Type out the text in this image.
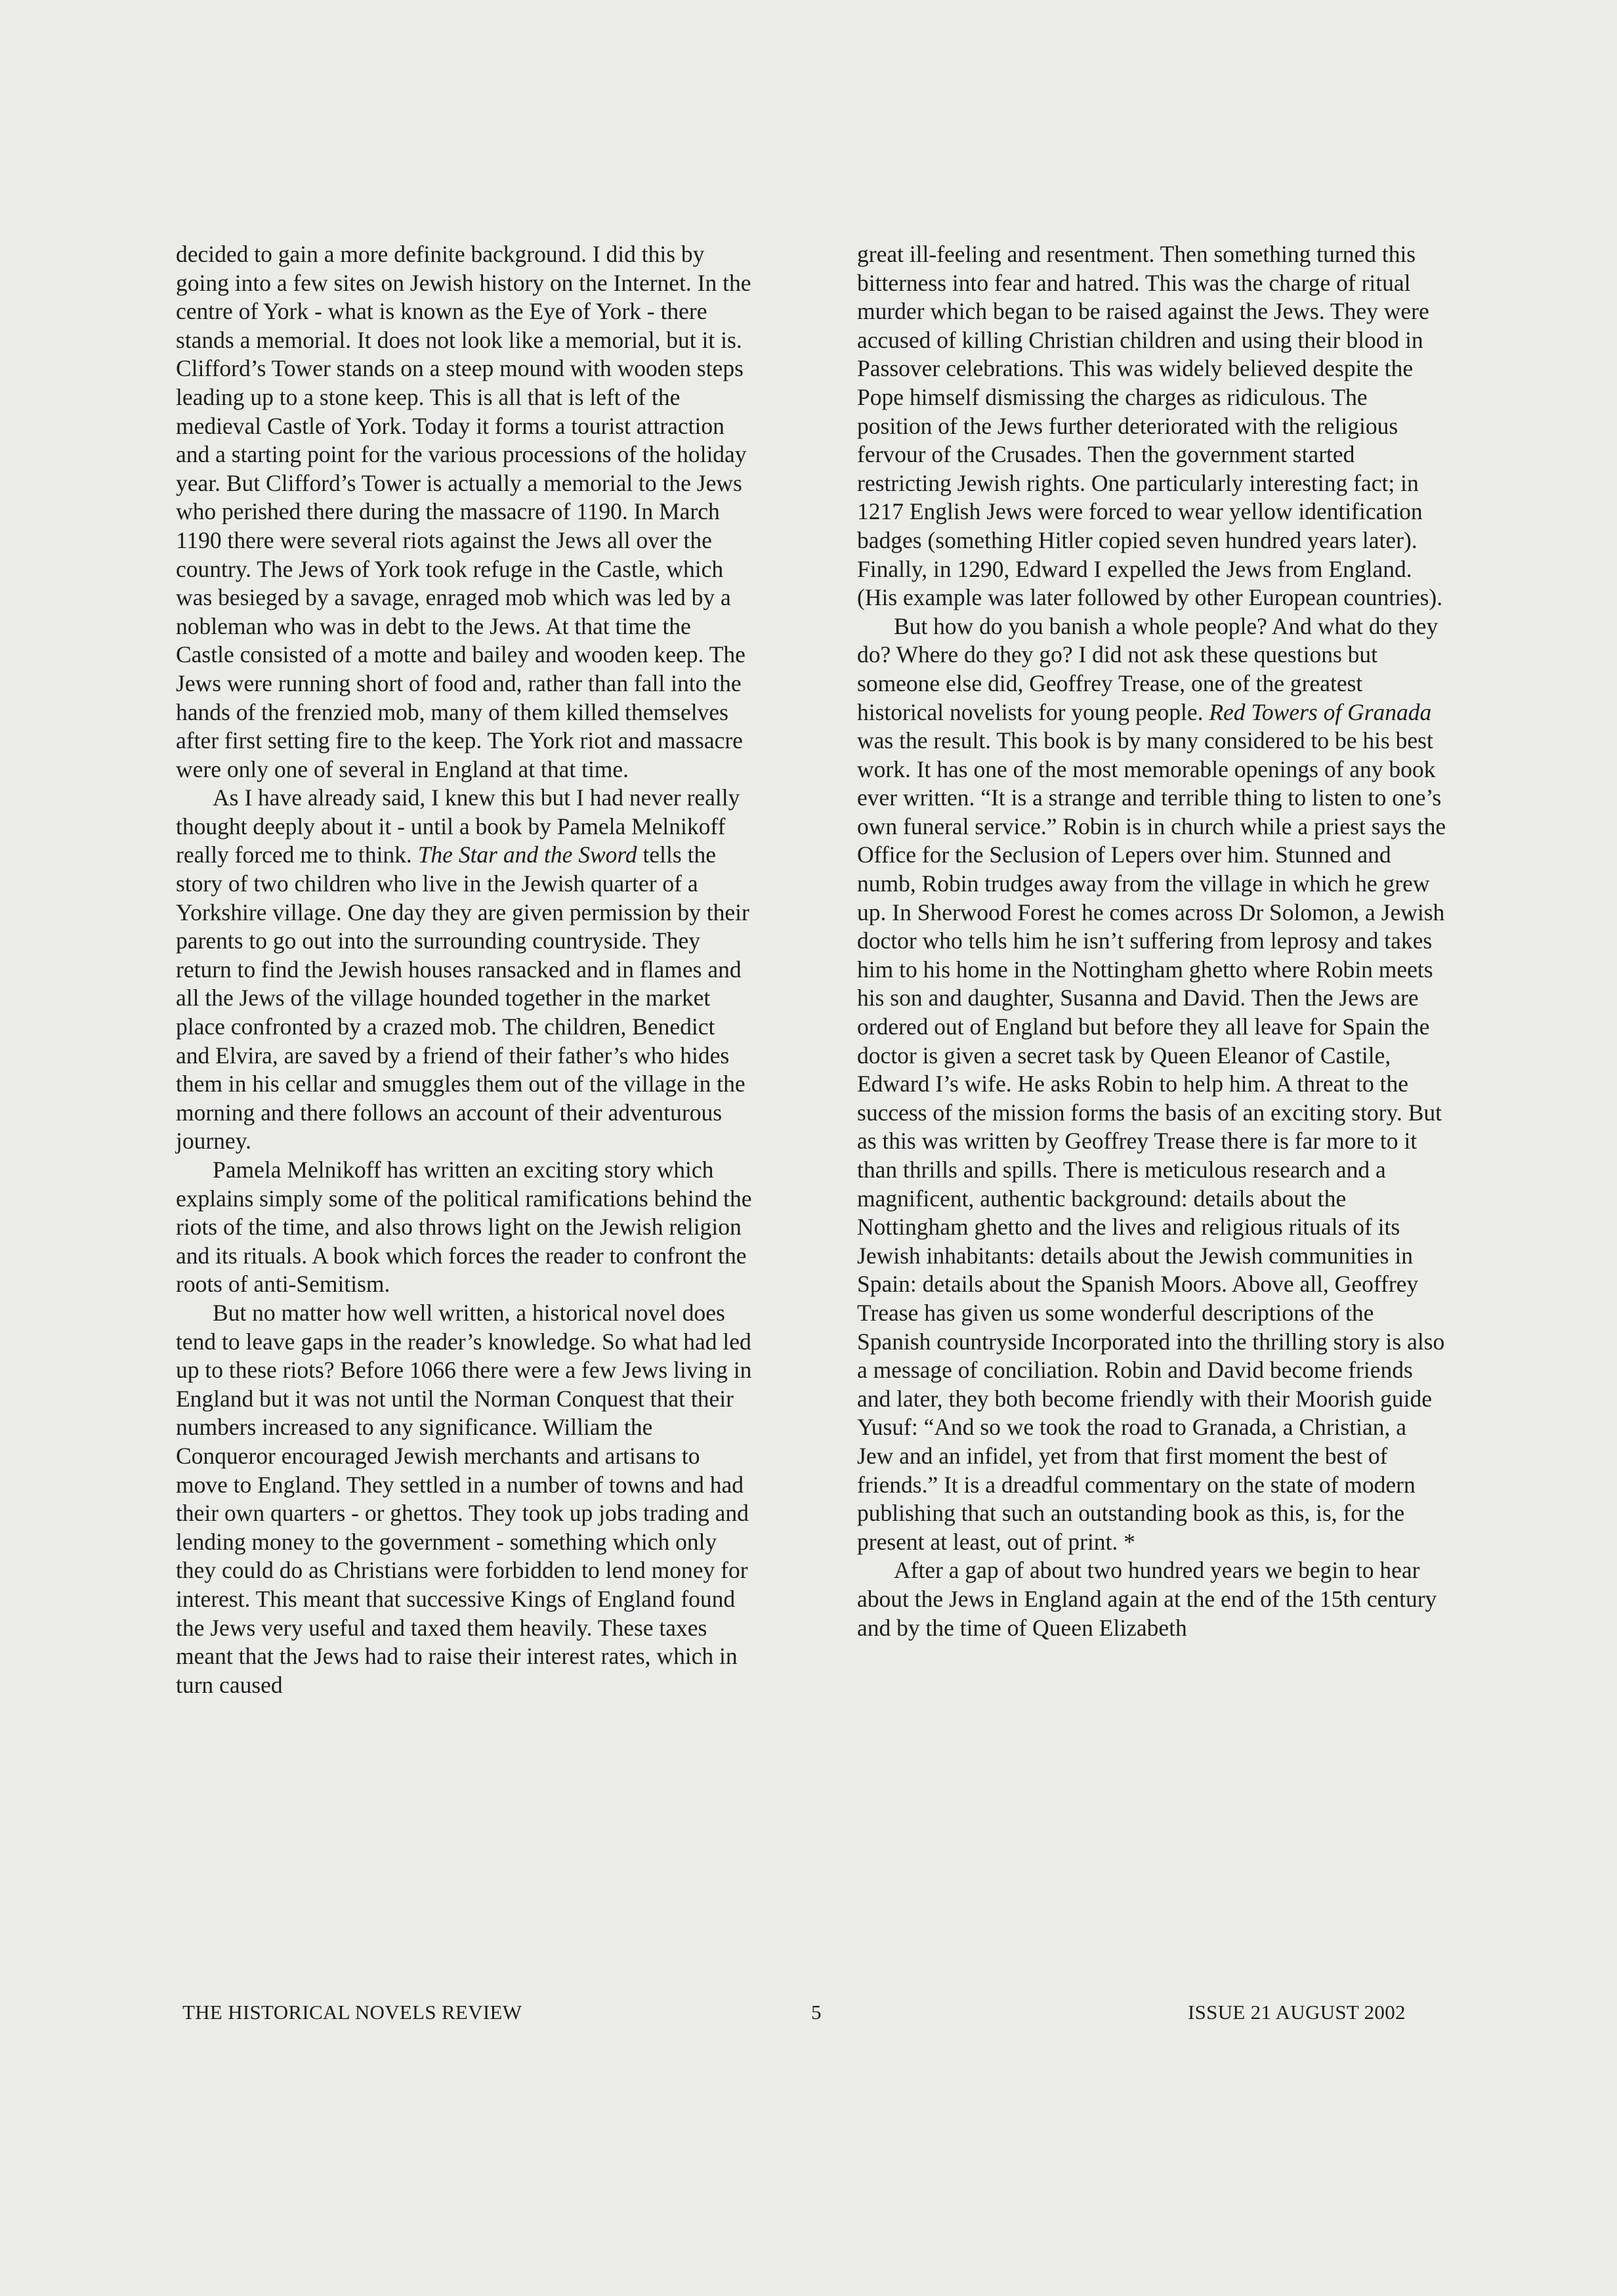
decided to gain a more definite background. I did this by going into a few sites on Jewish history on the Internet. In the centre of York - what is known as the Eye of York - there stands a memorial. It does not look like a memorial, but it is. Clifford’s Tower stands on a steep mound with wooden steps leading up to a stone keep. This is all that is left of the medieval Castle of York. Today it forms a tourist attraction and a starting point for the various processions of the holiday year. But Clifford’s Tower is actually a memorial to the Jews who perished there during the massacre of 1190. In March 1190 there were several riots against the Jews all over the country. The Jews of York took refuge in the Castle, which was besieged by a savage, enraged mob which was led by a nobleman who was in debt to the Jews. At that time the Castle consisted of a motte and bailey and wooden keep. The Jews were running short of food and, rather than fall into the hands of the frenzied mob, many of them killed themselves after first setting fire to the keep. The York riot and massacre were only one of several in England at that time.

As I have already said, I knew this but I had never really thought deeply about it - until a book by Pamela Melnikoff really forced me to think. The Star and the Sword tells the story of two children who live in the Jewish quarter of a Yorkshire village. One day they are given permission by their parents to go out into the surrounding countryside. They return to find the Jewish houses ransacked and in flames and all the Jews of the village hounded together in the market place confronted by a crazed mob. The children, Benedict and Elvira, are saved by a friend of their father’s who hides them in his cellar and smuggles them out of the village in the morning and there follows an account of their adventurous journey.

Pamela Melnikoff has written an exciting story which explains simply some of the political ramifications behind the riots of the time, and also throws light on the Jewish religion and its rituals. A book which forces the reader to confront the roots of anti-Semitism.

But no matter how well written, a historical novel does tend to leave gaps in the reader’s knowledge. So what had led up to these riots? Before 1066 there were a few Jews living in England but it was not until the Norman Conquest that their numbers increased to any significance. William the Conqueror encouraged Jewish merchants and artisans to move to England. They settled in a number of towns and had their own quarters - or ghettos. They took up jobs trading and lending money to the government - something which only they could do as Christians were forbidden to lend money for interest. This meant that successive Kings of England found the Jews very useful and taxed them heavily. These taxes meant that the Jews had to raise their interest rates, which in turn caused

great ill-feeling and resentment. Then something turned this bitterness into fear and hatred. This was the charge of ritual murder which began to be raised against the Jews. They were accused of killing Christian children and using their blood in Passover celebrations. This was widely believed despite the Pope himself dismissing the charges as ridiculous. The position of the Jews further deteriorated with the religious fervour of the Crusades. Then the government started restricting Jewish rights. One particularly interesting fact; in 1217 English Jews were forced to wear yellow identification badges (something Hitler copied seven hundred years later). Finally, in 1290, Edward I expelled the Jews from England. (His example was later followed by other European countries).

But how do you banish a whole people? And what do they do? Where do they go? I did not ask these questions but someone else did, Geoffrey Trease, one of the greatest historical novelists for young people. Red Towers of Granada was the result. This book is by many considered to be his best work. It has one of the most memorable openings of any book ever written. “It is a strange and terrible thing to listen to one’s own funeral service.” Robin is in church while a priest says the Office for the Seclusion of Lepers over him. Stunned and numb, Robin trudges away from the village in which he grew up. In Sherwood Forest he comes across Dr Solomon, a Jewish doctor who tells him he isn’t suffering from leprosy and takes him to his home in the Nottingham ghetto where Robin meets his son and daughter, Susanna and David. Then the Jews are ordered out of England but before they all leave for Spain the doctor is given a secret task by Queen Eleanor of Castile, Edward I’s wife. He asks Robin to help him. A threat to the success of the mission forms the basis of an exciting story. But as this was written by Geoffrey Trease there is far more to it than thrills and spills. There is meticulous research and a magnificent, authentic background: details about the Nottingham ghetto and the lives and religious rituals of its Jewish inhabitants: details about the Jewish communities in Spain: details about the Spanish Moors. Above all, Geoffrey Trease has given us some wonderful descriptions of the Spanish countryside Incorporated into the thrilling story is also a message of conciliation. Robin and David become friends and later, they both become friendly with their Moorish guide Yusuf: “And so we took the road to Granada, a Christian, a Jew and an infidel, yet from that first moment the best of friends.” It is a dreadful commentary on the state of modern publishing that such an outstanding book as this, is, for the present at least, out of print. *

After a gap of about two hundred years we begin to hear about the Jews in England again at the end of the 15th century and by the time of Queen Elizabeth

THE HISTORICAL NOVELS REVIEW	5	ISSUE 21 AUGUST 2002
